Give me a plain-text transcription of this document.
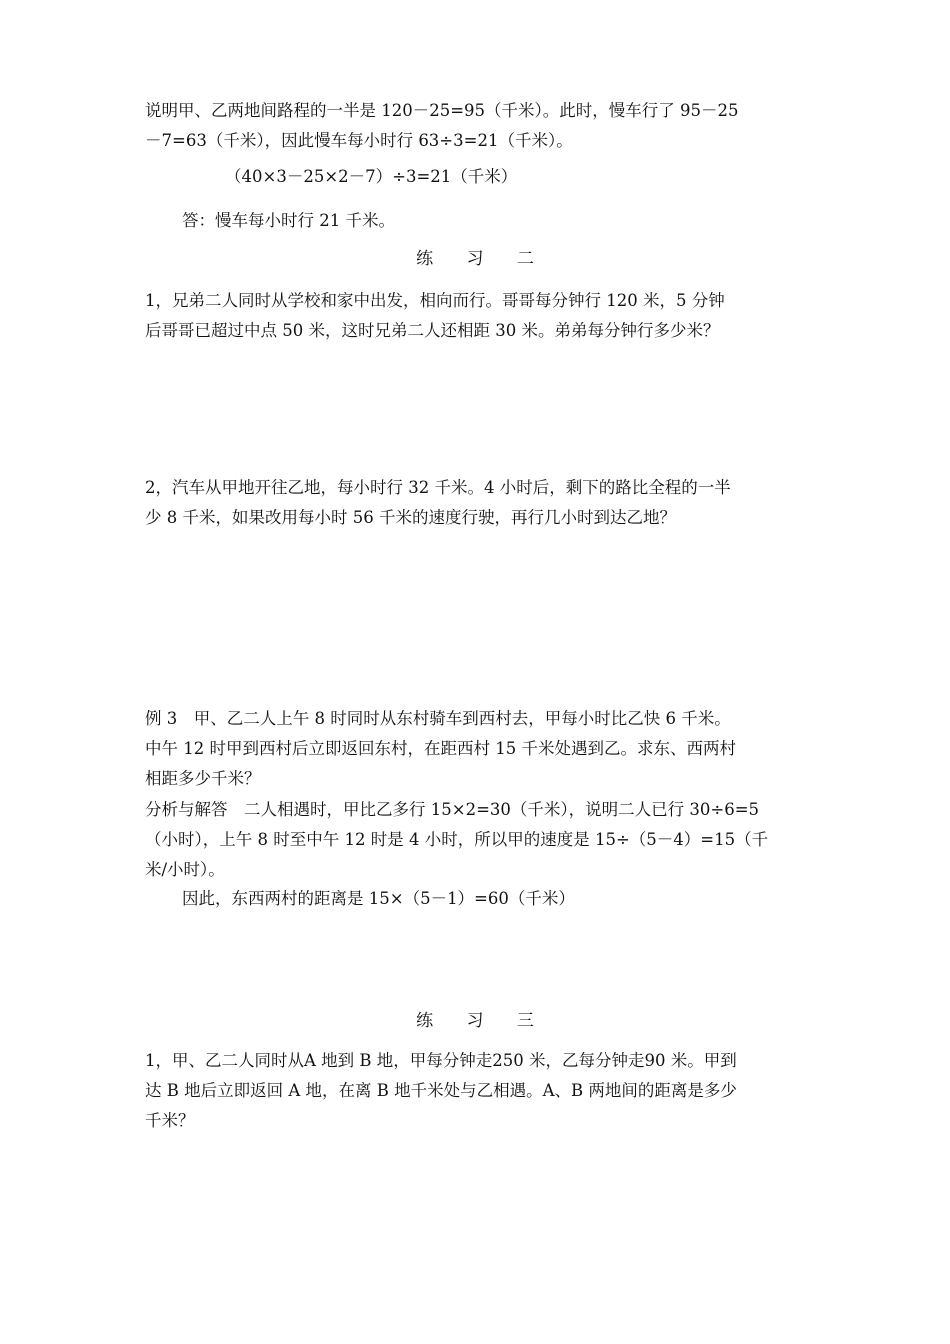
说明甲、乙两地间路程的一半是 120－25=95（千米）。此时，慢车行了 95－25
－7=63（千米），因此慢车每小时行 63÷3=21（千米）。
（40×3－25×2－7）÷3=21（千米）
答：慢车每小时行 21 千米。
练 习 二
1，兄弟二人同时从学校和家中出发，相向而行。哥哥每分钟行 120 米，5 分钟
后哥哥已超过中点 50 米，这时兄弟二人还相距 30 米。弟弟每分钟行多少米？
2，汽车从甲地开往乙地，每小时行 32 千米。4 小时后，剩下的路比全程的一半
少 8 千米，如果改用每小时 56 千米的速度行驶，再行几小时到达乙地？
例 3　甲、乙二人上午 8 时同时从东村骑车到西村去，甲每小时比乙快 6 千米。
中午 12 时甲到西村后立即返回东村，在距西村 15 千米处遇到乙。求东、西两村
相距多少千米？
分析与解答　二人相遇时，甲比乙多行 15×2=30（千米），说明二人已行 30÷6=5
（小时），上午 8 时至中午 12 时是 4 小时，所以甲的速度是 15÷（5－4）=15（千
米/小时）。
因此，东西两村的距离是 15×（5－1）=60（千米）
练 习 三
1，甲、乙二人同时从A 地到 B 地，甲每分钟走250 米，乙每分钟走90 米。甲到
达 B 地后立即返回 A 地，在离 B 地千米处与乙相遇。A、B 两地间的距离是多少
千米？
